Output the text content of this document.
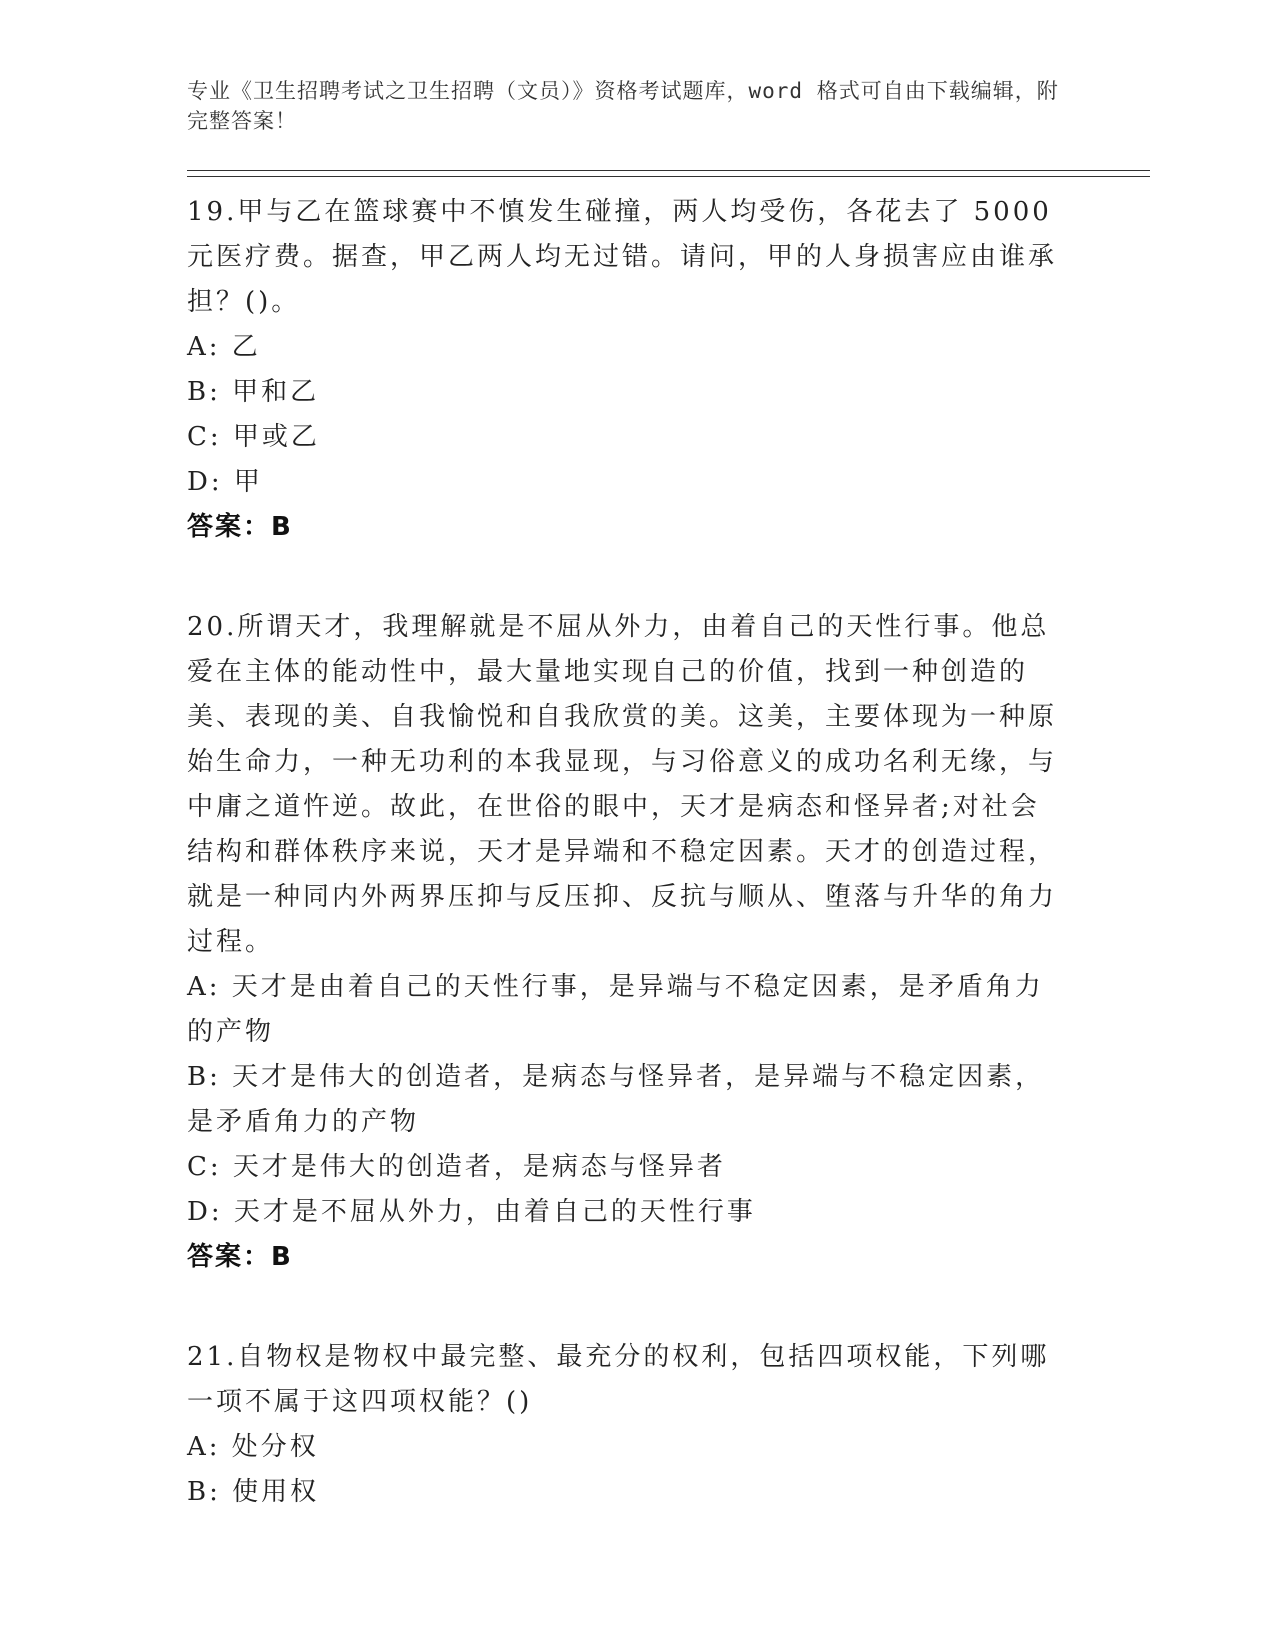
专业《卫生招聘考试之卫生招聘（文员）》资格考试题库，word 格式可自由下载编辑，附完整答案！
19.甲与乙在篮球赛中不慎发生碰撞，两人均受伤，各花去了 5000 元医疗费。据查，甲乙两人均无过错。请问，甲的人身损害应由谁承担？()。
A: 乙
B: 甲和乙
C: 甲或乙
D: 甲
答案：B
20.所谓天才，我理解就是不屈从外力，由着自己的天性行事。他总爱在主体的能动性中，最大量地实现自己的价值，找到一种创造的美、表现的美、自我愉悦和自我欣赏的美。这美，主要体现为一种原始生命力，一种无功利的本我显现，与习俗意义的成功名利无缘，与中庸之道忤逆。故此，在世俗的眼中，天才是病态和怪异者;对社会结构和群体秩序来说，天才是异端和不稳定因素。天才的创造过程，就是一种同内外两界压抑与反压抑、反抗与顺从、堕落与升华的角力过程。
A: 天才是由着自己的天性行事，是异端与不稳定因素，是矛盾角力的产物
B: 天才是伟大的创造者，是病态与怪异者，是异端与不稳定因素，是矛盾角力的产物
C: 天才是伟大的创造者，是病态与怪异者
D: 天才是不屈从外力，由着自己的天性行事
答案：B
21.自物权是物权中最完整、最充分的权利，包括四项权能，下列哪一项不属于这四项权能？()
A: 处分权
B: 使用权
